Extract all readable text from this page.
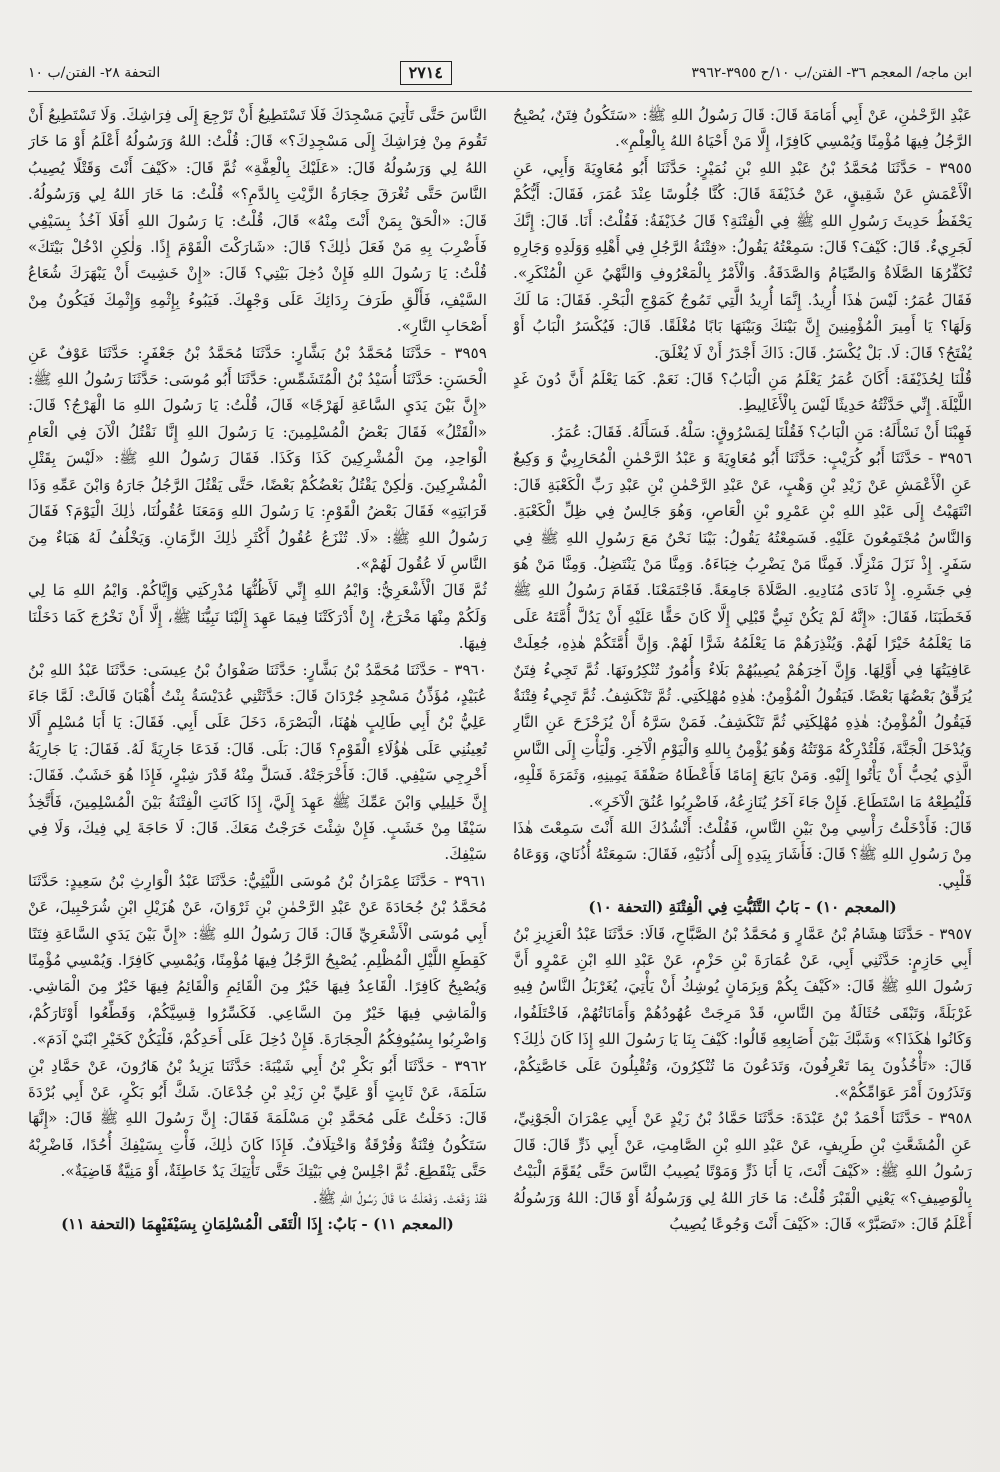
ابن ماجه/ المعجم ٣٦- الفتن/ب ١٠/ح ٣٩٥٥-٣٩٦٢
٢٧١٤
التحفة ٢٨- الفتن/ب ١٠

عَبْدِ الرَّحْمٰنِ، عَنْ أَبِي أُمَامَةَ قَالَ: قَالَ رَسُولُ اللهِ ﷺ: «سَتَكُونُ فِتَنٌ، يُصْبِحُ الرَّجُلُ فِيهَا مُؤْمِنًا وَيُمْسِي كَافِرًا، إِلَّا مَنْ أَحْيَاهُ اللهُ بِالْعِلْمِ».

٣٩٥٥ - حَدَّثَنَا مُحَمَّدُ بْنُ عَبْدِ اللهِ بْنِ نُمَيْرٍ: حَدَّثَنَا أَبُو مُعَاوِيَةَ وَأَبِي، عَنِ الْأَعْمَشِ عَنْ شَقِيقٍ، عَنْ حُذَيْفَةَ قَالَ: كُنَّا جُلُوسًا عِنْدَ عُمَرَ، فَقَالَ: أَيُّكُمْ يَحْفَظُ حَدِيثَ رَسُولِ اللهِ ﷺ فِي الْفِتْنَةِ؟ قَالَ حُذَيْفَةُ: فَقُلْتُ: أَنَا. قَالَ: إِنَّكَ لَجَرِيءٌ. قَالَ: كَيْفَ؟ قَالَ: سَمِعْتُهُ يَقُولُ: «فِتْنَةُ الرَّجُلِ فِي أَهْلِهِ وَوَلَدِهِ وَجَارِهِ تُكَفِّرُهَا الصَّلَاةُ وَالصِّيَامُ وَالصَّدَقَةُ. وَالْأَمْرُ بِالْمَعْرُوفِ وَالنَّهْيُ عَنِ الْمُنْكَرِ». فَقَالَ عُمَرُ: لَيْسَ هٰذَا أُرِيدُ. إِنَّمَا أُرِيدُ الَّتِي تَمُوجُ كَمَوْجِ الْبَحْرِ. فَقَالَ: مَا لَكَ وَلَهَا؟ يَا أَمِيرَ الْمُؤْمِنِينَ إِنَّ بَيْنَكَ وَبَيْنَهَا بَابًا مُغْلَقًا. قَالَ: فَيُكْسَرُ الْبَابُ أَوْ يُفْتَحُ؟ قَالَ: لَا. بَلْ يُكْسَرُ. قَالَ: ذَاكَ أَجْدَرُ أَنْ لَا يُغْلَقَ.

قُلْنَا لِحُذَيْفَةَ: أَكَانَ عُمَرُ يَعْلَمُ مَنِ الْبَابُ؟ قَالَ: نَعَمْ. كَمَا يَعْلَمُ أَنَّ دُونَ غَدٍ اللَّيْلَةَ. إِنِّي حَدَّثْتُهُ حَدِيثًا لَيْسَ بِالْأَغَالِيطِ.

فَهِبْنَا أَنْ نَسْأَلَهُ: مَنِ الْبَابُ؟ فَقُلْنَا لِمَسْرُوقٍ: سَلْهُ. فَسَأَلَهُ. فَقَالَ: عُمَرُ.

٣٩٥٦ - حَدَّثَنَا أَبُو كُرَيْبٍ: حَدَّثَنَا أَبُو مُعَاوِيَةَ وَ عَبْدُ الرَّحْمٰنِ الْمُحَارِبِيُّ وَ وَكِيعٌ عَنِ الْأَعْمَشِ عَنْ زَيْدِ بْنِ وَهْبٍ، عَنْ عَبْدِ الرَّحْمٰنِ بْنِ عَبْدِ رَبِّ الْكَعْبَةِ قَالَ: انْتَهَيْتُ إِلَى عَبْدِ اللهِ بْنِ عَمْرِو بْنِ الْعَاصِ، وَهُوَ جَالِسٌ فِي ظِلِّ الْكَعْبَةِ. وَالنَّاسُ مُجْتَمِعُونَ عَلَيْهِ. فَسَمِعْتُهُ يَقُولُ: بَيْنَا نَحْنُ مَعَ رَسُولِ اللهِ ﷺ فِي سَفَرٍ. إِذْ نَزَلَ مَنْزِلًا. فَمِنَّا مَنْ يَضْرِبُ خِبَاءَهُ. وَمِنَّا مَنْ يَنْتَضِلُ. وَمِنَّا مَنْ هُوَ فِي جَشَرِهِ. إِذْ نَادَى مُنَادِيهِ. الصَّلَاةَ جَامِعَةً. فَاجْتَمَعْنَا. فَقَامَ رَسُولُ اللهِ ﷺ فَخَطَبَنَا، فَقَالَ: «إِنَّهُ لَمْ يَكُنْ نَبِيٌّ قَبْلِي إِلَّا كَانَ حَقًّا عَلَيْهِ أَنْ يَدُلَّ أُمَّتَهُ عَلَى مَا يَعْلَمُهُ خَيْرًا لَهُمْ. وَيُنْذِرَهُمْ مَا يَعْلَمُهُ شَرًّا لَهُمْ. وَإِنَّ أُمَّتَكُمْ هٰذِهِ، جُعِلَتْ عَافِيَتُهَا فِي أَوَّلِهَا. وَإِنَّ آخِرَهُمْ يُصِيبُهُمْ بَلَاءٌ وَأُمُورٌ تُنْكِرُونَهَا. ثُمَّ تَجِيءُ فِتَنٌ يُرَقِّقُ بَعْضُهَا بَعْضًا. فَيَقُولُ الْمُؤْمِنُ: هٰذِهِ مُهْلِكَتِي. ثُمَّ تَنْكَشِفُ. ثُمَّ تَجِيءُ فِتْنَةٌ فَيَقُولُ الْمُؤْمِنُ: هٰذِهِ مُهْلِكَتِي ثُمَّ تَنْكَشِفُ. فَمَنْ سَرَّهُ أَنْ يُزَحْزَحَ عَنِ النَّارِ وَيُدْخَلَ الْجَنَّةَ، فَلْتُدْرِكْهُ مَوْتَتُهُ وَهُوَ يُؤْمِنُ بِاللهِ وَالْيَوْمِ الْآخِرِ. وَلْيَأْتِ إِلَى النَّاسِ الَّذِي يُحِبُّ أَنْ يَأْتُوا إِلَيْهِ. وَمَنْ بَايَعَ إِمَامًا فَأَعْطَاهُ صَفْقَةَ يَمِينِهِ، وَثَمَرَةَ قَلْبِهِ، فَلْيُطِعْهُ مَا اسْتَطَاعَ. فَإِنْ جَاءَ آخَرُ يُنَازِعُهُ، فَاضْرِبُوا عُنُقَ الْآخَرِ».

قَالَ: فَأَدْخَلْتُ رَأْسِي مِنْ بَيْنِ النَّاسِ، فَقُلْتُ: أَنْشُدُكَ اللهَ أَنْتَ سَمِعْتَ هٰذَا مِنْ رَسُولِ اللهِ ﷺ؟ قَالَ: فَأَشَارَ بِيَدِهِ إِلَى أُذُنَيْهِ، فَقَالَ: سَمِعَتْهُ أُذُنَايَ، وَوَعَاهُ قَلْبِي.

(المعجم ١٠) - بَابُ التَّثَبُّتِ فِي الْفِتْنَةِ (التحفة ١٠)

٣٩٥٧ - حَدَّثَنَا هِشَامُ بْنُ عَمَّارٍ وَ مُحَمَّدُ بْنُ الصَّبَّاحِ، قَالَا: حَدَّثَنَا عَبْدُ الْعَزِيزِ بْنُ أَبِي حَازِمٍ: حَدَّثَنِي أَبِي، عَنْ عُمَارَةَ بْنِ حَزْمٍ، عَنْ عَبْدِ اللهِ ابْنِ عَمْرٍو أَنَّ رَسُولَ اللهِ ﷺ قَالَ: «كَيْفَ بِكُمْ وَبِزَمَانٍ يُوشِكُ أَنْ يَأْتِيَ، يُغَرْبَلُ النَّاسُ فِيهِ غَرْبَلَةً، وَتَبْقَى حُثَالَةٌ مِنَ النَّاسِ، قَدْ مَرِجَتْ عُهُودُهُمْ وَأَمَانَاتُهُمْ، فَاخْتَلَفُوا، وَكَانُوا هٰكَذَا؟» وَشَبَّكَ بَيْنَ أَصَابِعِهِ قَالُوا: كَيْفَ بِنَا يَا رَسُولَ اللهِ إِذَا كَانَ ذٰلِكَ؟ قَالَ: «تَأْخُذُونَ بِمَا تَعْرِفُونَ، وَتَدَعُونَ مَا تُنْكِرُونَ، وَتُقْبِلُونَ عَلَى خَاصَّتِكُمْ، وَتَذَرُونَ أَمْرَ عَوَامِّكُمْ».

٣٩٥٨ - حَدَّثَنَا أَحْمَدُ بْنُ عَبْدَةَ: حَدَّثَنَا حَمَّادُ بْنُ زَيْدٍ عَنْ أَبِي عِمْرَانَ الْجَوْنِيِّ، عَنِ الْمُشَعَّثِ بْنِ طَرِيفٍ، عَنْ عَبْدِ اللهِ بْنِ الصَّامِتِ، عَنْ أَبِي ذَرٍّ قَالَ: قَالَ رَسُولُ اللهِ ﷺ: «كَيْفَ أَنْتَ، يَا أَبَا ذَرٍّ وَمَوْتًا يُصِيبُ النَّاسَ حَتَّى يُقَوَّمَ الْبَيْتُ بِالْوَصِيفِ؟» يَعْنِي الْقَبْرَ قُلْتُ: مَا خَارَ اللهُ لِي وَرَسُولُهُ أَوْ قَالَ: اللهُ وَرَسُولُهُ أَعْلَمُ قَالَ: «تَصَبَّرْ» قَالَ: «كَيْفَ أَنْتَ وَجُوعًا يُصِيبُ

النَّاسَ حَتَّى تَأْتِيَ مَسْجِدَكَ فَلَا تَسْتَطِيعُ أَنْ تَرْجِعَ إِلَى فِرَاشِكَ. وَلَا تَسْتَطِيعُ أَنْ تَقُومَ مِنْ فِرَاشِكَ إِلَى مَسْجِدِكَ؟» قَالَ: قُلْتُ: اللهُ وَرَسُولُهُ أَعْلَمُ أَوْ مَا خَارَ اللهُ لِي وَرَسُولُهُ قَالَ: «عَلَيْكَ بِالْعِفَّةِ» ثُمَّ قَالَ: «كَيْفَ أَنْتَ وَقَتْلًا يُصِيبُ النَّاسَ حَتَّى تُغْرَقَ حِجَارَةُ الزَّيْتِ بِالدَّمِ؟» قُلْتُ: مَا خَارَ اللهُ لِي وَرَسُولُهُ. قَالَ: «الْحَقْ بِمَنْ أَنْتَ مِنْهُ» قَالَ، قُلْتُ: يَا رَسُولَ اللهِ أَفَلَا آخُذُ بِسَيْفِي فَأَضْرِبَ بِهِ مَنْ فَعَلَ ذٰلِكَ؟ قَالَ: «شَارَكْتَ الْقَوْمَ إِذًا. وَلٰكِنِ ادْخُلْ بَيْتَكَ» قُلْتُ: يَا رَسُولَ اللهِ فَإِنْ دُخِلَ بَيْتِي؟ قَالَ: «إِنْ خَشِيتَ أَنْ يَبْهَرَكَ شُعَاعُ السَّيْفِ، فَأَلْقِ طَرَفَ رِدَائِكَ عَلَى وَجْهِكَ. فَيَبُوءُ بِإِثْمِهِ وَإِثْمِكَ فَيَكُونُ مِنْ أَصْحَابِ النَّارِ».

٣٩٥٩ - حَدَّثَنَا مُحَمَّدُ بْنُ بَشَّارٍ: حَدَّثَنَا مُحَمَّدُ بْنُ جَعْفَرٍ: حَدَّثَنَا عَوْفٌ عَنِ الْحَسَنِ: حَدَّثَنَا أُسَيْدُ بْنُ الْمُتَشَمِّسِ: حَدَّثَنَا أَبُو مُوسَى: حَدَّثَنَا رَسُولُ اللهِ ﷺ: «إِنَّ بَيْنَ يَدَيِ السَّاعَةِ لَهَرْجًا» قَالَ، قُلْتُ: يَا رَسُولَ اللهِ مَا الْهَرْجُ؟ قَالَ: «الْقَتْلُ» فَقَالَ بَعْضُ الْمُسْلِمِينَ: يَا رَسُولَ اللهِ إِنَّا نَقْتُلُ الْآنَ فِي الْعَامِ الْوَاحِدِ، مِنَ الْمُشْرِكِينَ كَذَا وَكَذَا. فَقَالَ رَسُولُ اللهِ ﷺ: «لَيْسَ بِقَتْلِ الْمُشْرِكِينَ. وَلٰكِنْ يَقْتُلُ بَعْضُكُمْ بَعْضًا، حَتَّى يَقْتُلَ الرَّجُلُ جَارَهُ وَابْنَ عَمِّهِ وَذَا قَرَابَتِهِ» فَقَالَ بَعْضُ الْقَوْمِ: يَا رَسُولَ اللهِ وَمَعَنَا عُقُولُنَا، ذٰلِكَ الْيَوْمَ؟ فَقَالَ رَسُولُ اللهِ ﷺ: «لَا. تُنْزَعُ عُقُولُ أَكْثَرِ ذٰلِكَ الزَّمَانِ. وَيَخْلُفُ لَهُ هَبَاءٌ مِنَ النَّاسِ لَا عُقُولَ لَهُمْ».

ثُمَّ قَالَ الْأَشْعَرِيُّ: وَايْمُ اللهِ إِنِّي لَأَظُنُّهَا مُدْرِكَتِي وَإِيَّاكُمْ. وَايْمُ اللهِ مَا لِي وَلَكُمْ مِنْهَا مَخْرَجٌ، إِنْ أَدْرَكَتْنَا فِيمَا عَهِدَ إِلَيْنَا نَبِيُّنَا ﷺ، إِلَّا أَنْ نَخْرُجَ كَمَا دَخَلْنَا فِيهَا.

٣٩٦٠ - حَدَّثَنَا مُحَمَّدُ بْنُ بَشَّارٍ: حَدَّثَنَا صَفْوَانُ بْنُ عِيسَى: حَدَّثَنَا عَبْدُ اللهِ بْنُ عُبَيْدٍ، مُؤَذِّنُ مَسْجِدِ جُرْدَانَ قَالَ: حَدَّثَتْنِي عُدَيْسَةُ بِنْتُ أُهْبَانَ قَالَتْ: لَمَّا جَاءَ عَلِيُّ بْنُ أَبِي طَالِبٍ هٰهُنَا، الْبَصْرَةَ، دَخَلَ عَلَى أَبِي. فَقَالَ: يَا أَبَا مُسْلِمٍ أَلَا تُعِينُنِي عَلَى هٰؤُلَاءِ الْقَوْمِ؟ قَالَ: بَلَى. قَالَ: فَدَعَا جَارِيَةً لَهُ. فَقَالَ: يَا جَارِيَةُ أَخْرِجِي سَيْفِي. قَالَ: فَأَخْرَجَتْهُ. فَسَلَّ مِنْهُ قَدْرَ شِبْرٍ، فَإِذَا هُوَ خَشَبٌ. فَقَالَ: إِنَّ خَلِيلِي وَابْنَ عَمِّكَ ﷺ عَهِدَ إِلَيَّ، إِذَا كَانَتِ الْفِتْنَةُ بَيْنَ الْمُسْلِمِينَ، فَأَتَّخِذُ سَيْفًا مِنْ خَشَبٍ. فَإِنْ شِئْتَ خَرَجْتُ مَعَكَ. قَالَ: لَا حَاجَةَ لِي فِيكَ، وَلَا فِي سَيْفِكَ.

٣٩٦١ - حَدَّثَنَا عِمْرَانُ بْنُ مُوسَى اللَّيْثِيُّ: حَدَّثَنَا عَبْدُ الْوَارِثِ بْنُ سَعِيدٍ: حَدَّثَنَا مُحَمَّدُ بْنُ جُحَادَةَ عَنْ عَبْدِ الرَّحْمٰنِ بْنِ ثَرْوَانَ، عَنْ هُزَيْلِ ابْنِ شُرَحْبِيلَ، عَنْ أَبِي مُوسَى الْأَشْعَرِيِّ قَالَ: قَالَ رَسُولُ اللهِ ﷺ: «إِنَّ بَيْنَ يَدَيِ السَّاعَةِ فِتَنًا كَقِطَعِ اللَّيْلِ الْمُظْلِمِ. يُصْبِحُ الرَّجُلُ فِيهَا مُؤْمِنًا، وَيُمْسِي كَافِرًا. وَيُمْسِي مُؤْمِنًا وَيُصْبِحُ كَافِرًا. الْقَاعِدُ فِيهَا خَيْرٌ مِنَ الْقَائِمِ وَالْقَائِمُ فِيهَا خَيْرٌ مِنَ الْمَاشِي. وَالْمَاشِي فِيهَا خَيْرٌ مِنَ السَّاعِي. فَكَسِّرُوا قِسِيَّكُمْ، وَقَطِّعُوا أَوْتَارَكُمْ، وَاضْرِبُوا بِسُيُوفِكُمُ الْحِجَارَةَ. فَإِنْ دُخِلَ عَلَى أَحَدِكُمْ، فَلْيَكُنْ كَخَيْرِ ابْنَيْ آدَمَ».

٣٩٦٢ - حَدَّثَنَا أَبُو بَكْرِ بْنُ أَبِي شَيْبَةَ: حَدَّثَنَا يَزِيدُ بْنُ هَارُونَ، عَنْ حَمَّادِ بْنِ سَلَمَةَ، عَنْ ثَابِتٍ أَوْ عَلِيِّ بْنِ زَيْدِ بْنِ جُدْعَانَ. شَكَّ أَبُو بَكْرٍ، عَنْ أَبِي بُرْدَةَ قَالَ: دَخَلْتُ عَلَى مُحَمَّدِ بْنِ مَسْلَمَةَ فَقَالَ: إِنَّ رَسُولَ اللهِ ﷺ قَالَ: «إِنَّهَا سَتَكُونُ فِتْنَةٌ وَفُرْقَةٌ وَاخْتِلَافٌ. فَإِذَا كَانَ ذٰلِكَ، فَأْتِ بِسَيْفِكَ أُحُدًا، فَاضْرِبْهُ حَتَّى يَنْقَطِعَ. ثُمَّ اجْلِسْ فِي بَيْتِكَ حَتَّى تَأْتِيَكَ يَدٌ خَاطِئَةٌ، أَوْ مَنِيَّةٌ قَاضِيَةٌ».

فَقَدْ وَقَعَتْ. وَفَعَلْتُ مَا قَالَ رَسُولُ اللهِ ﷺ.

(المعجم ١١) - بَابٌ: إِذَا الْتَقَى الْمُسْلِمَانِ بِسَيْفَيْهِمَا (التحفة ١١)
